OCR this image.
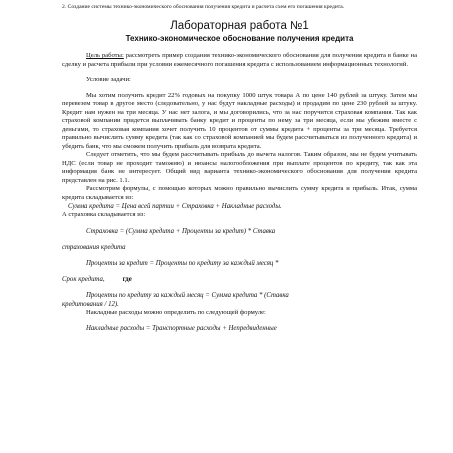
2. Создание системы технико-экономического обоснования получения кредита и расчета схем его погашения кредита.

Лабораторная работа №1
Технико-экономическое обоснование получения кредита

Цель работы: рассмотреть пример создания технико-экономического обоснования для получения кредита в банке на сделку и расчета прибыли при условии ежемесячного погашения кредита с использованием информационных технологий.

Условие задачи:

Мы хотим получить кредит 22% годовых на покупку 1000 штук товара А по цене 140 рублей за штуку. Затем мы перевезем товар в другое место (следовательно, у нас будут накладные расходы) и продадим по цене 230 рублей за штуку. Кредит нам нужен на три месяца. У нас нет залога, и мы договорились, что за нас поручится страховая компания. Так как страховой компании придется выплачивать банку кредит и проценты по нему за три месяца, если мы убежим вместе с деньгами, то страховая компания хочет получить 10 процентов от суммы кредита + проценты за три месяца. Требуется правильно вычислить сумму кредита (так как со страховой компанией мы будем рассчитываться из полученного кредита) и убедить банк, что мы сможем получить прибыль для возврата кредита.

Следует отметить, что мы будем рассчитывать прибыль до вычета налогов. Таким образом, мы не будем учитывать НДС (если товар не проходит таможню) и нюансы налогообложения при выплате процентов по кредиту, так как эта информация банк не интересует. Общий вид варианта технико-экономического обоснования для получения кредита представлен на рис. 1.1.

Рассмотрим формулы, с помощью которых можно правильно вычислить сумму кредита и прибыль. Итак, сумма кредита складывается из:

Сумма кредита = Цена всей партии + Страховка + Накладные расходы.

А страховка складывается из:

Страховка = (Сумма кредита + Проценты за кредит) * Ставка

страхования кредита

Проценты за кредит = Проценты по кредиту за каждый месяц *

Срок кредита,	где

Проценты по кредиту за каждый месяц = Сумма кредита * (Ставка

кредитования / 12).

Накладные расходы можно определить по следующей формуле:

Накладные расходы = Транспортные расходы + Непредвиденные
